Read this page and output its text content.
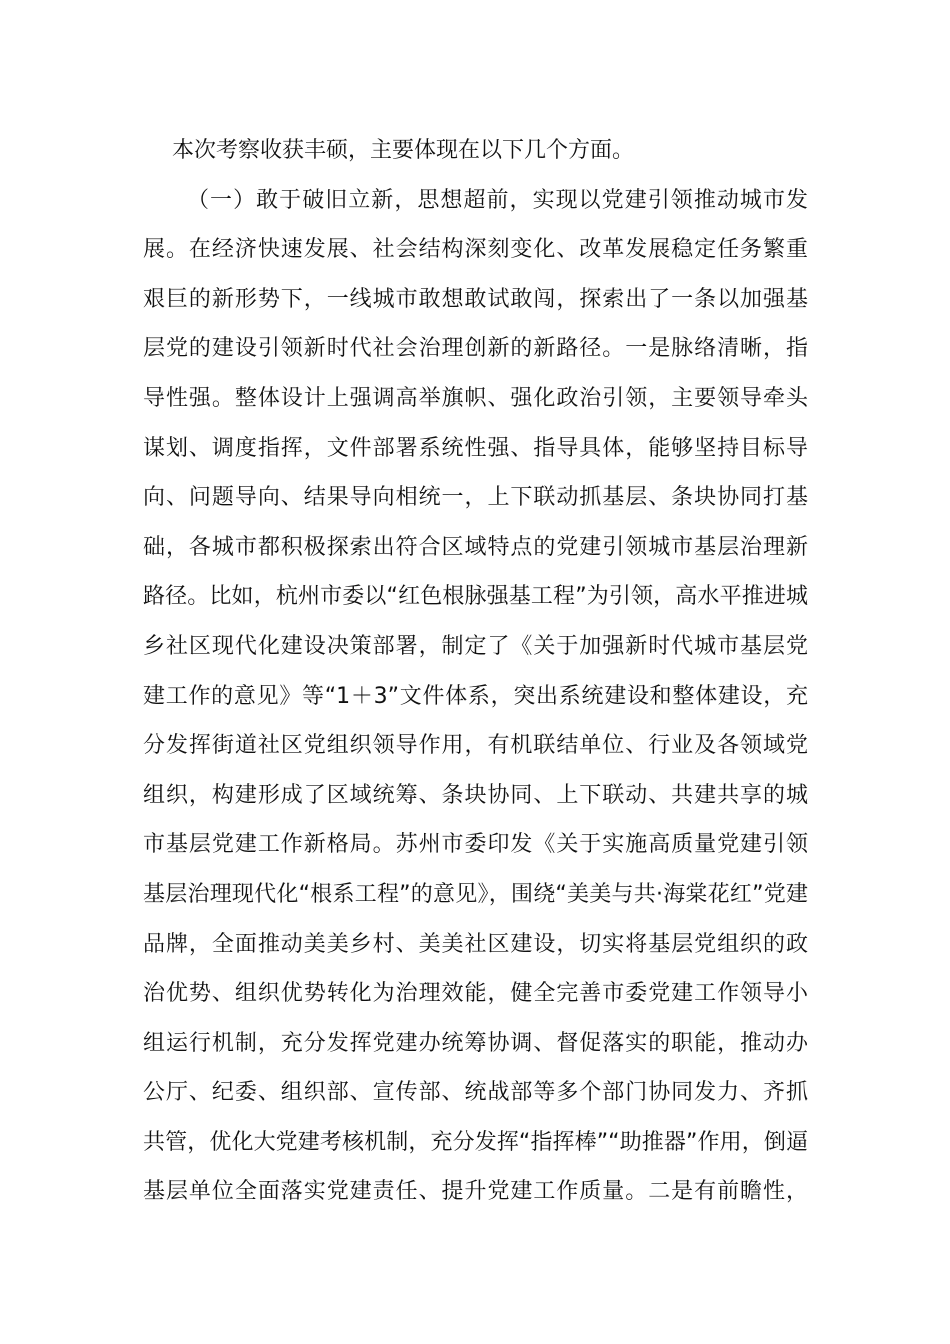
本次考察收获丰硕，主要体现在以下几个方面。
（一）敢于破旧立新，思想超前，实现以党建引领推动城市发
展。在经济快速发展、社会结构深刻变化、改革发展稳定任务繁重
艰巨的新形势下，一线城市敢想敢试敢闯，探索出了一条以加强基
层党的建设引领新时代社会治理创新的新路径。一是脉络清晰，指
导性强。整体设计上强调高举旗帜、强化政治引领，主要领导牵头
谋划、调度指挥，文件部署系统性强、指导具体，能够坚持目标导
向、问题导向、结果导向相统一，上下联动抓基层、条块协同打基
础，各城市都积极探索出符合区域特点的党建引领城市基层治理新
路径。比如，杭州市委以“红色根脉强基工程”为引领，高水平推进城
乡社区现代化建设决策部署，制定了《关于加强新时代城市基层党
建工作的意见》等“1＋3”文件体系，突出系统建设和整体建设，充
分发挥街道社区党组织领导作用，有机联结单位、行业及各领域党
组织，构建形成了区域统筹、条块协同、上下联动、共建共享的城
市基层党建工作新格局。苏州市委印发《关于实施高质量党建引领
基层治理现代化“根系工程”的意见》，围绕“美美与共·海棠花红”党建
品牌，全面推动美美乡村、美美社区建设，切实将基层党组织的政
治优势、组织优势转化为治理效能，健全完善市委党建工作领导小
组运行机制，充分发挥党建办统筹协调、督促落实的职能，推动办
公厅、纪委、组织部、宣传部、统战部等多个部门协同发力、齐抓
共管，优化大党建考核机制，充分发挥“指挥棒”“助推器”作用，倒逼
基层单位全面落实党建责任、提升党建工作质量。二是有前瞻性，
